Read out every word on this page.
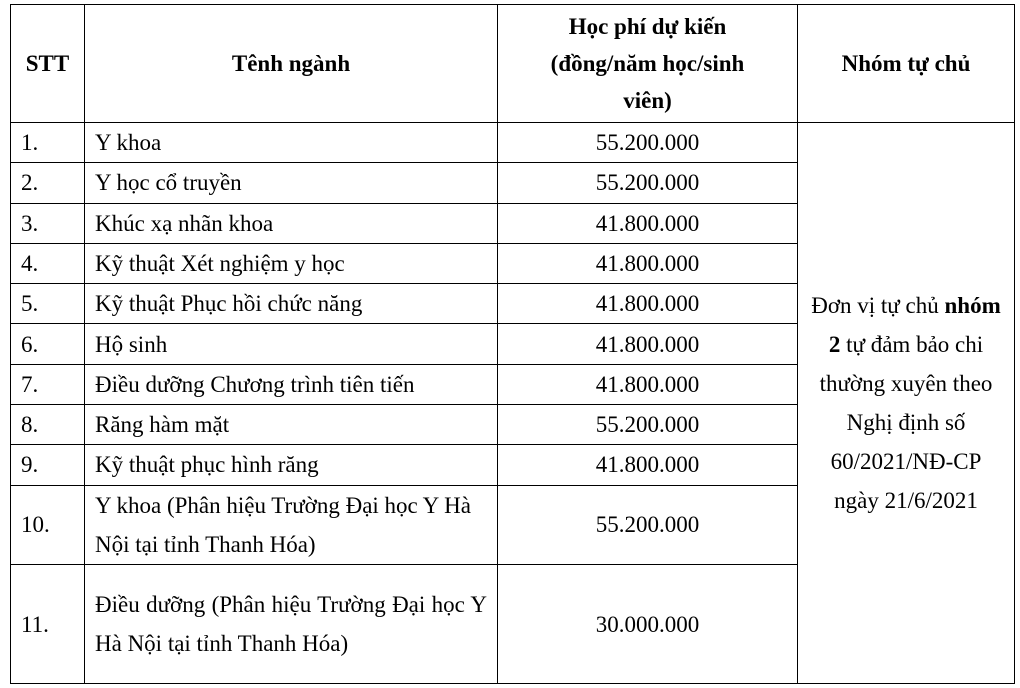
STT	Tênh ngành	Học phí dự kiến (đồng/năm học/sinh viên)	Nhóm tự chủ
1.	Y khoa	55.200.000	Đơn vị tự chủ nhóm 2 tự đảm bảo chi thường xuyên theo Nghị định số 60/2021/NĐ-CP ngày 21/6/2021
2.	Y học cổ truyền	55.200.000	
3.	Khúc xạ nhãn khoa	41.800.000	
4.	Kỹ thuật Xét nghiệm y học	41.800.000	
5.	Kỹ thuật Phục hồi chức năng	41.800.000	
6.	Hộ sinh	41.800.000	
7.	Điều dưỡng Chương trình tiên tiến	41.800.000	
8.	Răng hàm mặt	55.200.000	
9.	Kỹ thuật phục hình răng	41.800.000	
10.	Y khoa (Phân hiệu Trường Đại học Y Hà Nội tại tỉnh Thanh Hóa)	55.200.000	
11.	Điều dưỡng (Phân hiệu Trường Đại học Y Hà Nội tại tỉnh Thanh Hóa)	30.000.000	
